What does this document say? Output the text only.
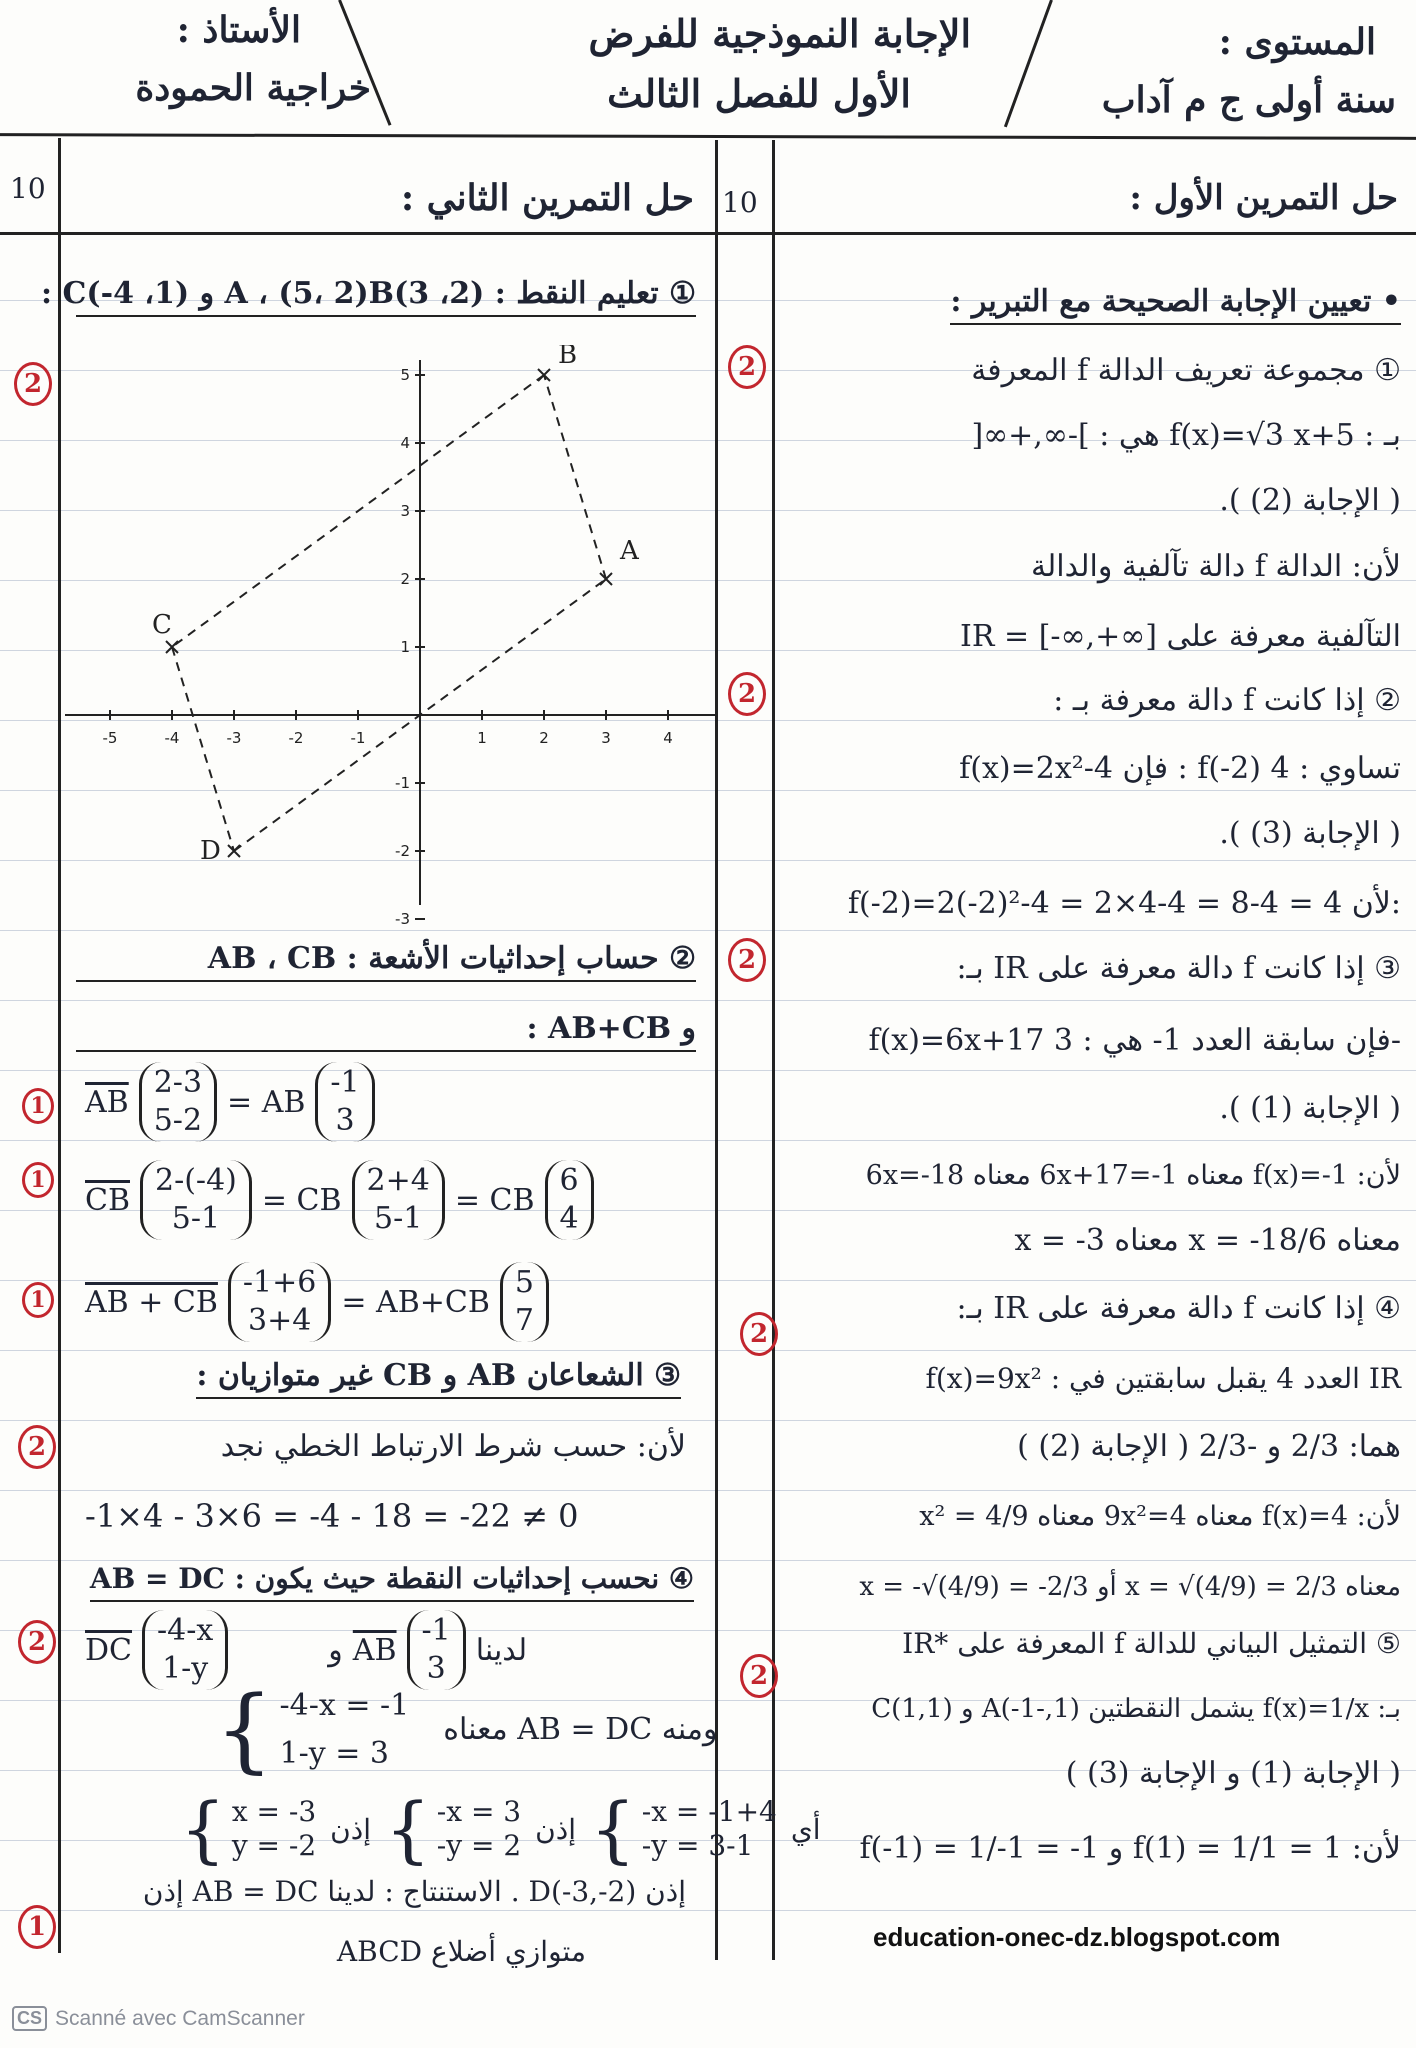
الأستاذ :
خراجية الحمودة
الإجابة النموذجية للفرض
الأول للفصل الثالث
المستوى :
سنة أولى ج م آداب
10	حل التمرين الثاني :
① تعليم النقط : (2، 3)A ، (5، 2)B و (1، 4-)C :
-5	-4	-3	-2	-1	1	2	3	4
5
4
3
2
1
-1
-2
-3
A
B
C
D
② حساب إحداثيات الأشعة : AB ، CB
و AB+CB :
$\overline{AB}$
2-3
5-2
= AB
-1
3
$\overline{CB}$
2-(-4)
5-1
= CB
2+4
5-1
= CB
6
4
AB + CB
-1+6
3+4
= AB+CB
5
7
③ الشعاعان AB و CB غير متوازيان :
لأن: حسب شرط الارتباط الخطي نجد
-1×4 - 3×6 = -4 - 18 = -22 ≠ 0
④ نحسب إحداثيات النقطة حيث يكون : AB = DC
$\overline{DC}$
-4-x
1-y
و $\overline{AB}$
-1
3
لدينا
{ -4-x = -1
1-y = 3
ومنه AB = DC معناه
{ x = -3
y = -2 إذن { -x = 3
-y = 2 إذن { -x = -1+4
-y = 3-1	أي
إذن D(-3,-2) . الاستنتاج : لدينا AB = DC إذن
ABCD متوازي أضلاع
10	حل التمرين الأول :
• تعيين الإجابة الصحيحة مع التبرير :
① مجموعة تعريف الدالة f المعرفة
بـ : f(x)=√3 x+5 هي : ]-∞,+∞[
( الإجابة (2) ).
لأن: الدالة f دالة تآلفية والدالة
التآلفية معرفة على [∞+,∞-] = IR
② إذا كانت f دالة معرفة بـ :
f(x)=2x²-4 فإن : f(-2) تساوي : 4
( الإجابة (3) ).
f(-2)=2(-2)²-4 = 2×4-4 = 8-4 = 4 لأن:
③ إذا كانت f دالة معرفة على IR بـ:
f(x)=6x+17 فإن سابقة العدد 1- هي : 3-
( الإجابة (1) ).
لأن: f(x)=-1 معناه 6x+17=-1 معناه 6x=-18
معناه x = -18/6 معناه x = -3
④ إذا كانت f دالة معرفة على IR بـ:
f(x)=9x² : العدد 4 يقبل سابقتين في IR
هما: 2/3 و -2/3 ( الإجابة (2) )
لأن: f(x)=4 معناه 9x²=4 معناه x² = 4/9
معناه x = √(4/9) = 2/3 أو x = -√(4/9) = -2/3
⑤ التمثيل البياني للدالة f المعرفة على *IR
بـ: f(x)=1/x يشمل النقطتين (1,-1-)A و (1,1)C
( الإجابة (1) و الإجابة (3) )
لأن: f(1) = 1/1 = 1 و f(-1) = 1/-1 = -1
2
2
2
2
2
1
1
1
2
2
2
1	education-onec-dz.blogspot.com
CS Scanné avec CamScanner
